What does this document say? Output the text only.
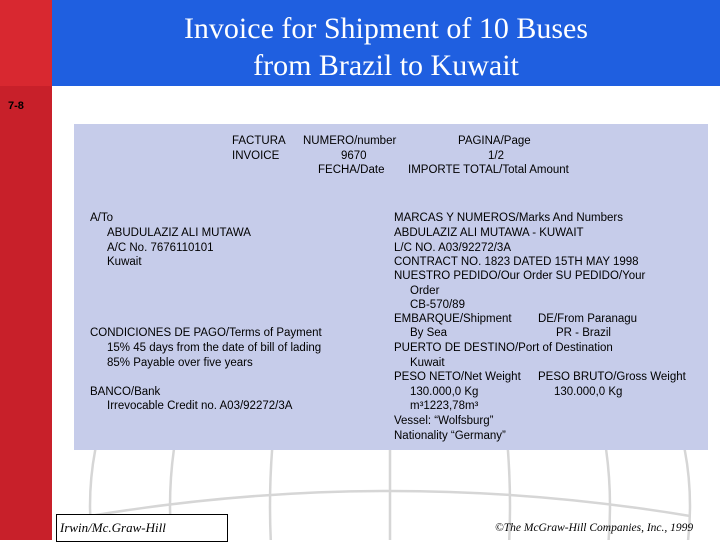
Invoice for Shipment of 10 Buses
from Brazil to Kuwait
7-8
FACTURA NUMERO/number	PAGINA/Page
INVOICE	9670	1/2
FECHA/Date IMPORTE TOTAL/Total Amount
A/To
ABUDULAZIZ ALI MUTAWA
A/C No. 7676110101
Kuwait
CONDICIONES DE PAGO/Terms of Payment
15% 45 days from the date of bill of lading
85% Payable over five years
BANCO/Bank
Irrevocable Credit no. A03/92272/3A
MARCAS Y NUMEROS/Marks And Numbers
ABDULAZIZ ALI MUTAWA - KUWAIT
L/C NO. A03/92272/3A
CONTRACT NO. 1823 DATED 15TH MAY 1998
NUESTRO PEDIDO/Our Order SU PEDIDO/Your
Order
CB-570/89
EMBARQUE/Shipment DE/From Paranagu
By Sea	PR - Brazil
PUERTO DE DESTINO/Port of Destination
Kuwait
PESO NETO/Net Weight PESO BRUTO/Gross Weight
130.000,0 Kg	130.000,0 Kg
m³1223,78m³
Vessel: “Wolfsburg”
Nationality “Germany”
Irwin/Mc.Graw-Hill	©The McGraw-Hill Companies, Inc., 1999
